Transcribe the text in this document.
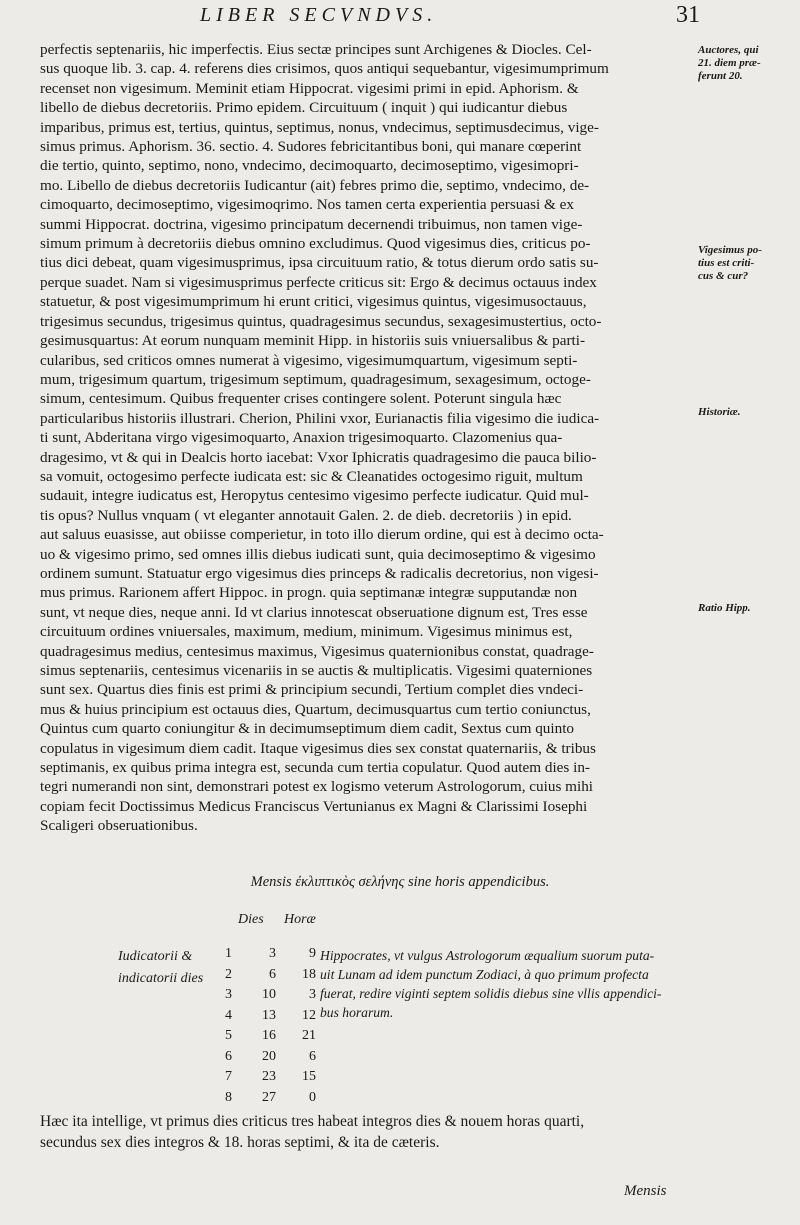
LIBER SECVNDVS.	31
perfectis septenariis, hic imperfectis. Eius sectæ principes sunt Archigenes & Diocles. Cel-
sus quoque lib. 3. cap. 4. referens dies crisimos, quos antiqui sequebantur, vigesimumprimum
recenset non vigesimum. Meminit etiam Hippocrat. vigesimi primi in epid. Aphorism. &
libello de diebus decretoriis. Primo epidem. Circuituum ( inquit ) qui iudicantur diebus
imparibus, primus est, tertius, quintus, septimus, nonus, vndecimus, septimusdecimus, vige-
simus primus. Aphorism. 36. sectio. 4. Sudores febricitantibus boni, qui manare cœperint
die tertio, quinto, septimo, nono, vndecimo, decimoquarto, decimoseptimo, vigesimopri-
mo. Libello de diebus decretoriis Iudicantur (ait) febres primo die, septimo, vndecimo, de-
cimoquarto, decimoseptimo, vigesimoqrimo. Nos tamen certa experientia persuasi & ex
summi Hippocrat. doctrina, vigesimo principatum decernendi tribuimus, non tamen vige-
simum primum à decretoriis diebus omnino excludimus. Quod vigesimus dies, criticus po-
tius dici debeat, quam vigesimusprimus, ipsa circuituum ratio, & totus dierum ordo satis su-
perque suadet. Nam si vigesimusprimus perfecte criticus sit: Ergo & decimus octauus index
statuetur, & post vigesimumprimum hi erunt critici, vigesimus quintus, vigesimusoctauus,
trigesimus secundus, trigesimus quintus, quadragesimus secundus, sexagesimustertius, octo-
gesimusquartus: At eorum nunquam meminit Hipp. in historiis suis vniuersalibus & parti-
cularibus, sed criticos omnes numerat à vigesimo, vigesimumquartum, vigesimum septi-
mum, trigesimum quartum, trigesimum septimum, quadragesimum, sexagesimum, octoge-
simum, centesimum. Quibus frequenter crises contingere solent. Poterunt singula hæc
particularibus historiis illustrari. Cherion, Philini vxor, Eurianactis filia vigesimo die iudica-
ti sunt, Abderitana virgo vigesimoquarto, Anaxion trigesimoquarto. Clazomenius qua-
dragesimo, vt & qui in Dealcis horto iacebat: Vxor Iphicratis quadragesimo die pauca bilio-
sa vomuit, octogesimo perfecte iudicata est: sic & Cleanatides octogesimo riguit, multum
sudauit, integre iudicatus est, Heropytus centesimo vigesimo perfecte iudicatur. Quid mul-
tis opus? Nullus vnquam ( vt eleganter annotauit Galen. 2. de dieb. decretoriis ) in epid.
aut saluus euasisse, aut obiisse comperietur, in toto illo dierum ordine, qui est à decimo octa-
uo & vigesimo primo, sed omnes illis diebus iudicati sunt, quia decimoseptimo & vigesimo
ordinem sumunt. Statuatur ergo vigesimus dies princeps & radicalis decretorius, non vigesi-
mus primus. Rarionem affert Hippoc. in progn. quia septimanæ integræ supputandæ non
sunt, vt neque dies, neque anni. Id vt clarius innotescat obseruatione dignum est, Tres esse
circuituum ordines vniuersales, maximum, medium, minimum. Vigesimus minimus est,
quadragesimus medius, centesimus maximus, Vigesimus quaternionibus constat, quadrage-
simus septenariis, centesimus vicenariis in se auctis & multiplicatis. Vigesimi quaterniones
sunt sex. Quartus dies finis est primi & principium secundi, Tertium complet dies vndeci-
mus & huius principium est octauus dies, Quartum, decimusquartus cum tertio coniunctus,
Quintus cum quarto coniungitur & in decimumseptimum diem cadit, Sextus cum quinto
copulatus in vigesimum diem cadit. Itaque vigesimus dies sex constat quaternariis, & tribus
septimanis, ex quibus prima integra est, secunda cum tertia copulatur. Quod autem dies in-
tegri numerandi non sint, demonstrari potest ex logismo veterum Astrologorum, cuius mihi
copiam fecit Doctissimus Medicus Franciscus Vertunianus ex Magni & Clarissimi Iosephi
Scaligeri obseruationibus.
Auctores, qui
21. diem præ-
ferunt 20.
Vigesimus po-
tius est criti-
cus & cur?
Historiæ.
Ratio Hipp.
Mensis ἐκλιπτικὸς σελήνης sine horis appendicibus.
Dies Horæ
Iudicatorii &
indicatorii dies
1	3	9
2	6	18
3	10	3
4	13	12
5	16	21
6	20	6
7	23	15
8	27	0
Hippocrates, vt vulgus Astrologorum æqualium suorum puta-
uit Lunam ad idem punctum Zodiaci, à quo primum profecta
fuerat, redire viginti septem solidis diebus sine vllis appendici-
bus horarum.
Hæc ita intellige, vt primus dies criticus tres habeat integros dies & nouem horas quarti,
secundus sex dies integros & 18. horas septimi, & ita de cæteris.
Mensis
